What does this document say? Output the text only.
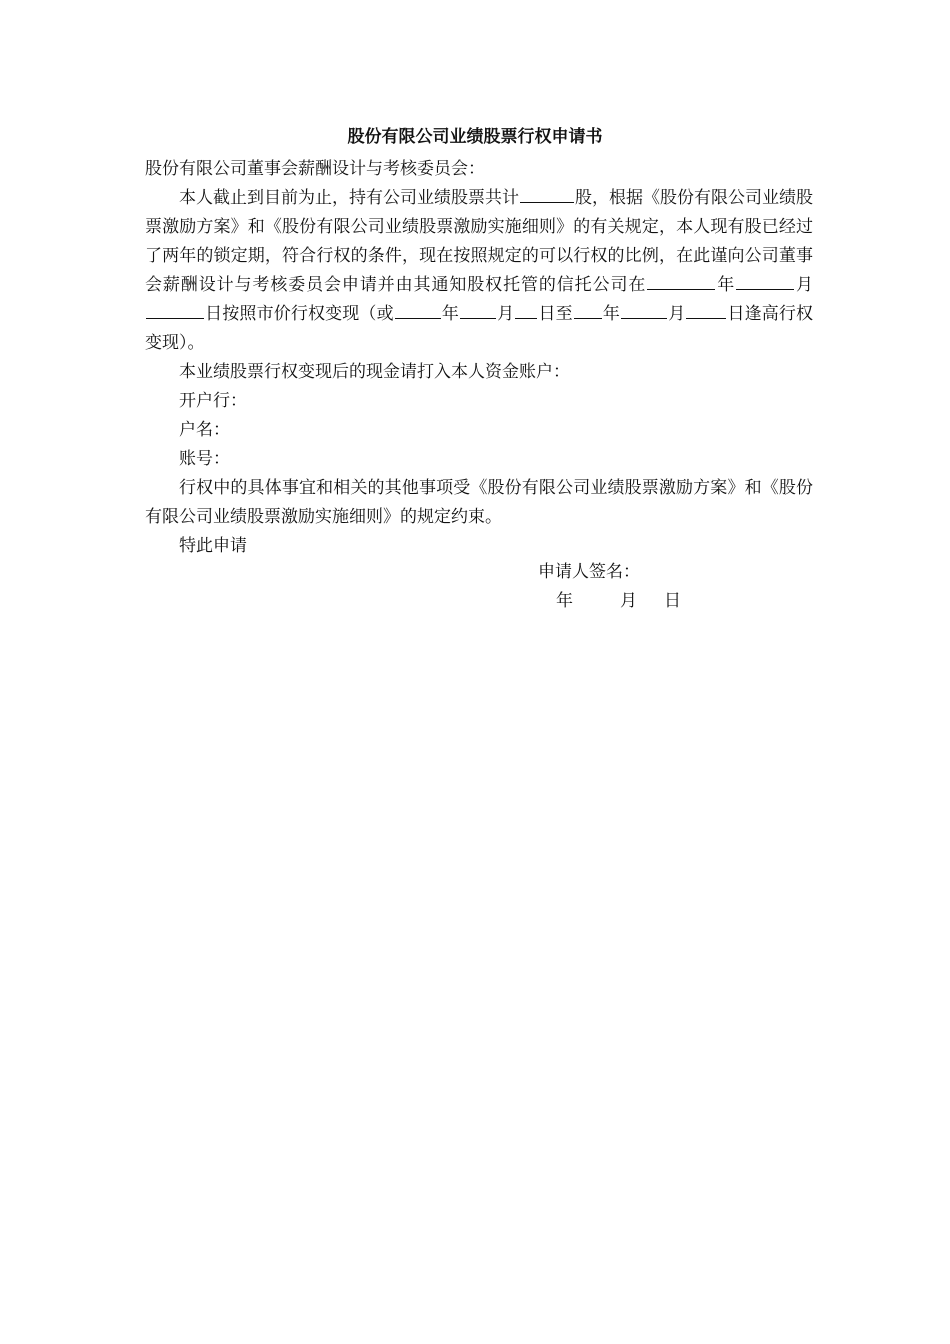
股份有限公司业绩股票行权申请书

股份有限公司董事会薪酬设计与考核委员会：

本人截止到目前为止，持有公司业绩股票共计	股，根据《股份有限公司业绩股票激励方案》和《股份有限公司业绩股票激励实施细则》的有关规定，本人现有股已经过了两年的锁定期，符合行权的条件，现在按照规定的可以行权的比例，在此谨向公司董事会薪酬设计与考核委员会申请并由其通知股权托管的信托公司在	年	月日按照市价行权变现（或	年 月 日至 年	月 日逢高行权变现）。

本业绩股票行权变现后的现金请打入本人资金账户：

开户行：

户名：

账号：

行权中的具体事宜和相关的其他事项受《股份有限公司业绩股票激励方案》和《股份有限公司业绩股票激励实施细则》的规定约束。

特此申请

申请人签名：
年	月 日
